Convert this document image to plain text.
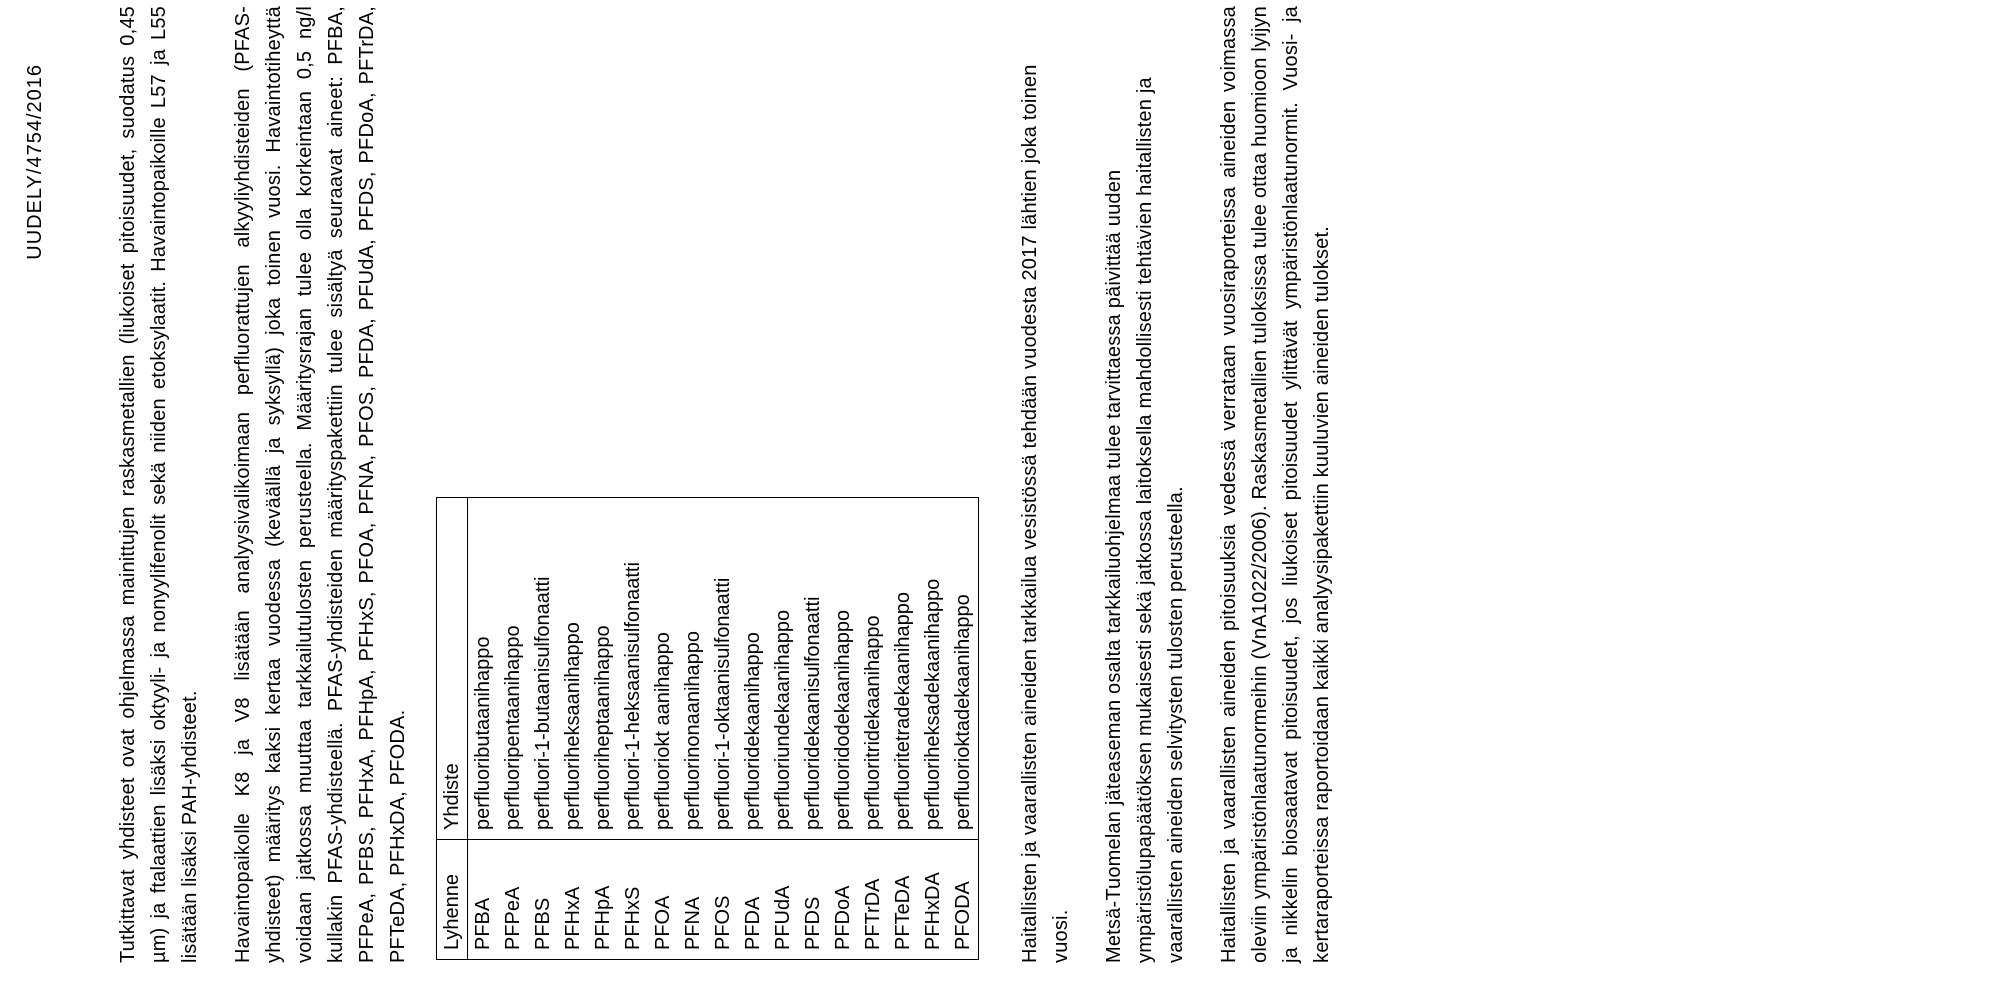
UUDELY/4754/2016	Tutkittavat yhdisteet ovat ohjelmassa mainittujen raskasmetallien (liukoiset pitoisuudet, suodatus 0,45 µm) ja ftalaattien lisäksi oktyyli- ja nonyylifenolit sekä niiden etoksylaatit. Havaintopaikoille L57 ja L55 lisätään lisäksi PAH-yhdisteet. Havaintopaikolle K8 ja V8 lisätään analyysivalikoimaan perfluorattujen alkyyliyhdisteiden (PFAS-yhdisteet) määritys kaksi kertaa vuodessa (keväällä ja syksyllä) joka toinen vuosi. Havaintotiheyttä voidaan jatkossa muuttaa tarkkailutulosten perusteella. Määritysrajan tulee olla korkeintaan 0,5 ng/l kullakin PFAS-yhdisteellä. PFAS-yhdisteiden määrityspakettiin tulee sisältyä seuraavat aineet: PFBA, PFPeA, PFBS, PFHxA, PFHpA, PFHxS, PFOA, PFNA, PFOS, PFDA, PFUdA, PFDS, PFDoA, PFTrDA, PFTeDA, PFHxDA, PFODA. Lyhenne	Yhdiste
PFBA	perfluoributaanihappo
PFPeA	perfluoripentaanihappo
PFBS	perfluori-1-butaanisulfonaatti
PFHxA	perfluoriheksaanihappo
PFHpA	perfluoriheptaanihappo
PFHxS	perfluori-1-heksaanisulfonaatti
PFOA	perfluoriokt aanihappo
PFNA	perfluorinonaanihappo
PFOS	perfluori-1-oktaanisulfonaatti
PFDA	perfluoridekaanihappo
PFUdA	perfluoriundekaanihappo
PFDS	perfluoridekaanisulfonaatti
PFDoA	perfluoridodekaanihappo
PFTrDA	perfluoritridekaanihappo
PFTeDA	perfluoritetradekaanihappo
PFHxDA	perfluoriheksadekaanihappo
PFODA	perfluorioktadekaanihappo Haitallisten ja vaarallisten aineiden tarkkailua vesistössä tehdään vuodesta 2017 lähtien joka toinen vuosi. Metsä-Tuomelan jäteaseman osalta tarkkailuohjelmaa tulee tarvittaessa päivittää uuden ympäristölupapäätöksen mukaisesti sekä jatkossa laitoksella mahdollisesti tehtävien haitallisten ja vaarallisten aineiden selvitysten tulosten perusteella. Haitallisten ja vaarallisten aineiden pitoisuuksia vedessä verrataan vuosiraporteissa aineiden voimassa oleviin ympäristönlaatunormeihin (VnA1022/2006). Raskasmetallien tuloksissa tulee ottaa huomioon lyijyn ja nikkelin biosaatavat pitoisuudet, jos liukoiset pitoisuudet ylittävät ympäristönlaatunormit. Vuosi- ja kertaraporteissa raportoidaan kaikki analyysipakettiin kuuluvien aineiden tulokset.
